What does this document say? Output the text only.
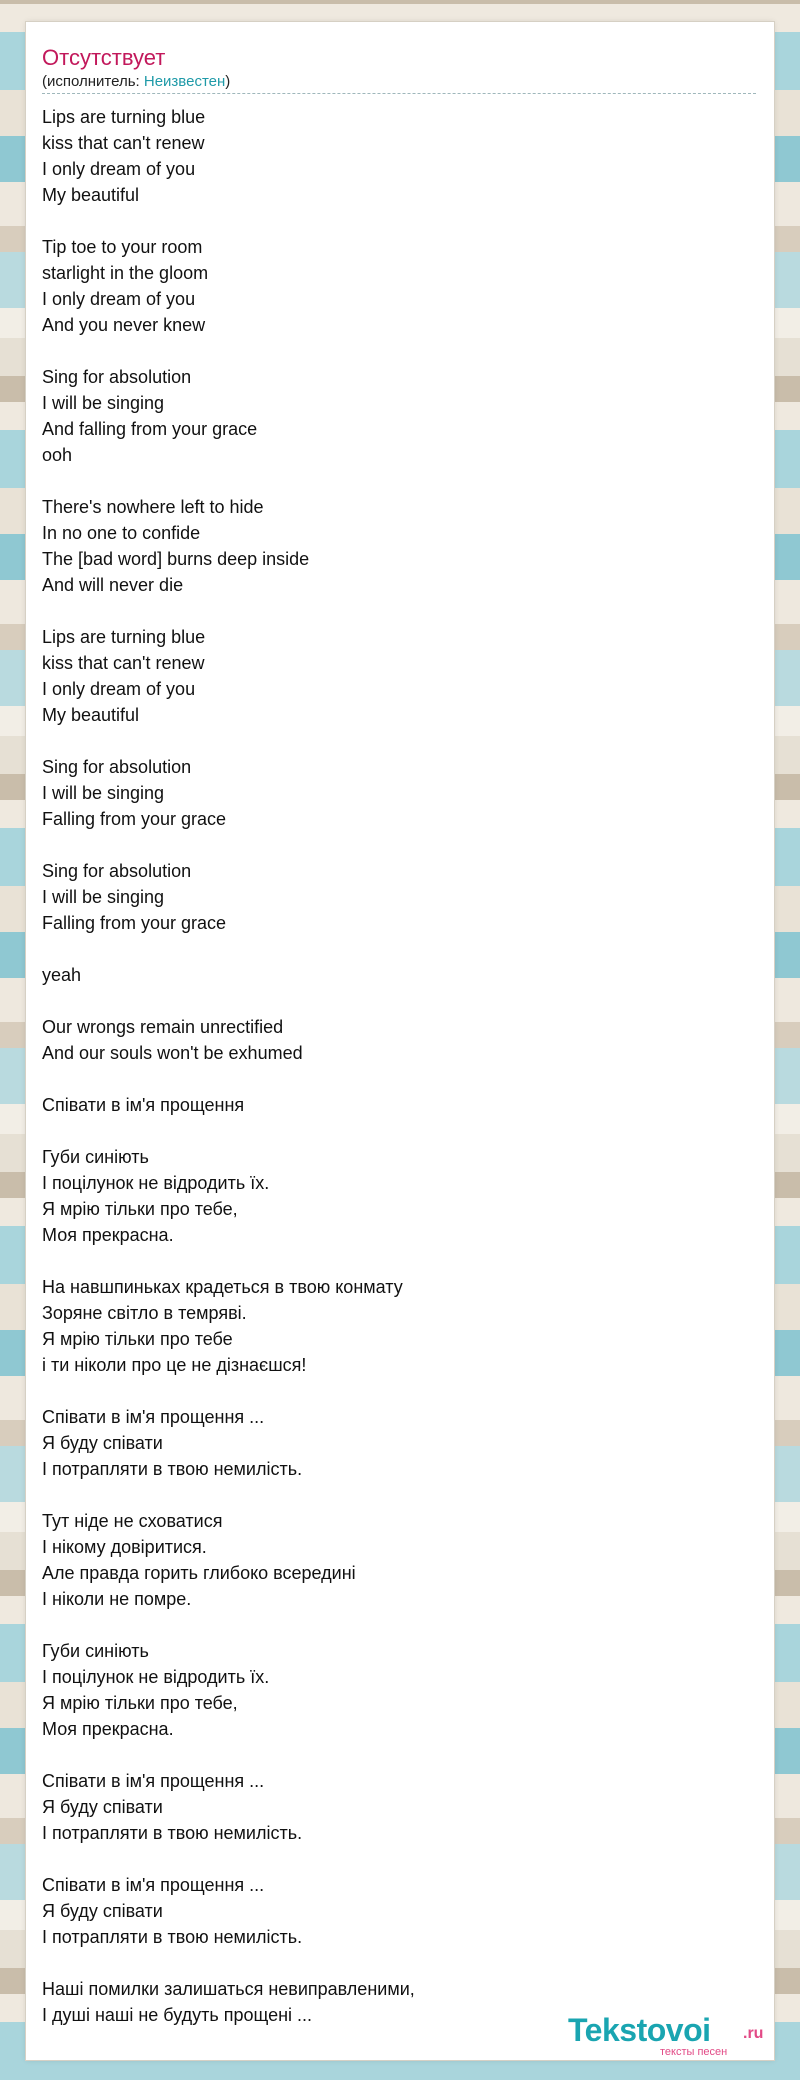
Отсутствует
(исполнитель: Неизвестен)
Lips are turning blue
kiss that can't renew
I only dream of you
My beautiful

Tip toe to your room
starlight in the gloom
I only dream of you
And you never knew

Sing for absolution
I will be singing
And falling from your grace
ooh

There's nowhere left to hide
In no one to confide
The [bad word] burns deep inside
And will never die

Lips are turning blue
kiss that can't renew
I only dream of you
My beautiful

Sing for absolution
I will be singing
Falling from your grace

Sing for absolution
I will be singing
Falling from your grace

yeah

Our wrongs remain unrectified
And our souls won't be exhumed

Співати в ім'я прощення

Губи синіють
І поцілунок не відродить їх.
Я мрію тільки про тебе,
Моя прекрасна.

На навшпиньках крадеться в твою конмату
Зоряне світло в темряві.
Я мрію тільки про тебе
і ти ніколи про це не дізнаєшся!

Співати в ім'я прощення ...
Я буду співати
І потрапляти в твою немилість.

Тут ніде не сховатися
І нікому довіритися.
Але правда горить глибоко всередині
І ніколи не помре.

Губи синіють
І поцілунок не відродить їх.
Я мрію тільки про тебе,
Моя прекрасна.

Співати в ім'я прощення ...
Я буду співати
І потрапляти в твою немилість.

Співати в ім'я прощення ...
Я буду співати
І потрапляти в твою немилість.

Наші помилки залишаться невиправленими,
І душі наші не будуть прощені ...	Tekstovoi .ru
тексты песен
